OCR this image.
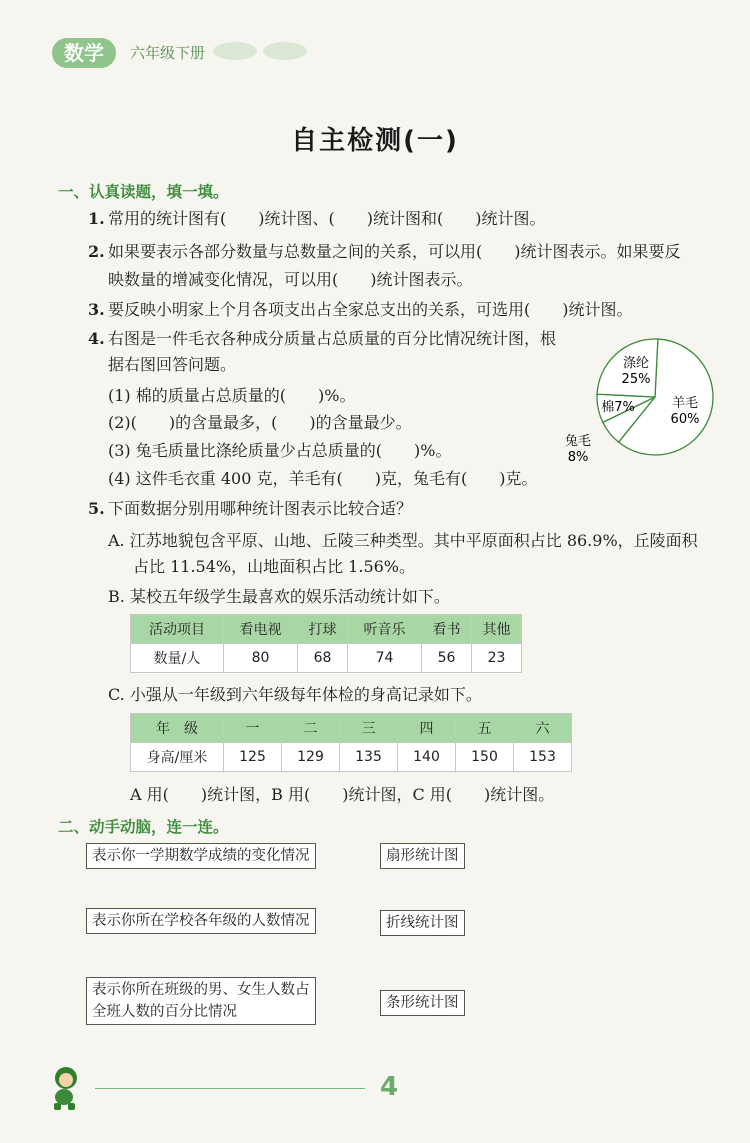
数学	六年级下册
自主检测(一)
一、认真读题，填一填。
1. 常用的统计图有(　　)统计图、(　　)统计图和(　　)统计图。
2. 如果要表示各部分数量与总数量之间的关系，可以用(　　)统计图表示。如果要反
映数量的增减变化情况，可以用(　　)统计图表示。
3. 要反映小明家上个月各项支出占全家总支出的关系，可选用(　　)统计图。
4. 右图是一件毛衣各种成分质量占总质量的百分比情况统计图，根
据右图回答问题。
(1) 棉的质量占总质量的(　　)%。
(2)(　　)的含量最多，(　　)的含量最少。
(3) 兔毛质量比涤纶质量少占总质量的(　　)%。
(4) 这件毛衣重 400 克，羊毛有(　　)克，兔毛有(　　)克。
羊毛 60%
涤纶 25%
棉7%
兔毛 8%
5. 下面数据分别用哪种统计图表示比较合适？
A. 江苏地貌包含平原、山地、丘陵三种类型。其中平原面积占比 86.9%，丘陵面积
占比 11.54%，山地面积占比 1.56%。
B. 某校五年级学生最喜欢的娱乐活动统计如下。
活动项目	看电视	打球	听音乐	看书	其他
数量/人	80	68	74	56	23
C. 小强从一年级到六年级每年体检的身高记录如下。
年　级	一	二	三	四	五	六
身高/厘米	125	129	135	140	150	153
A 用(　　)统计图，B 用(　　)统计图，C 用(　　)统计图。
二、动手动脑，连一连。
表示你一学期数学成绩的变化情况
表示你所在学校各年级的人数情况
表示你所在班级的男、女生人数占
全班人数的百分比情况
扇形统计图
折线统计图
条形统计图
4
